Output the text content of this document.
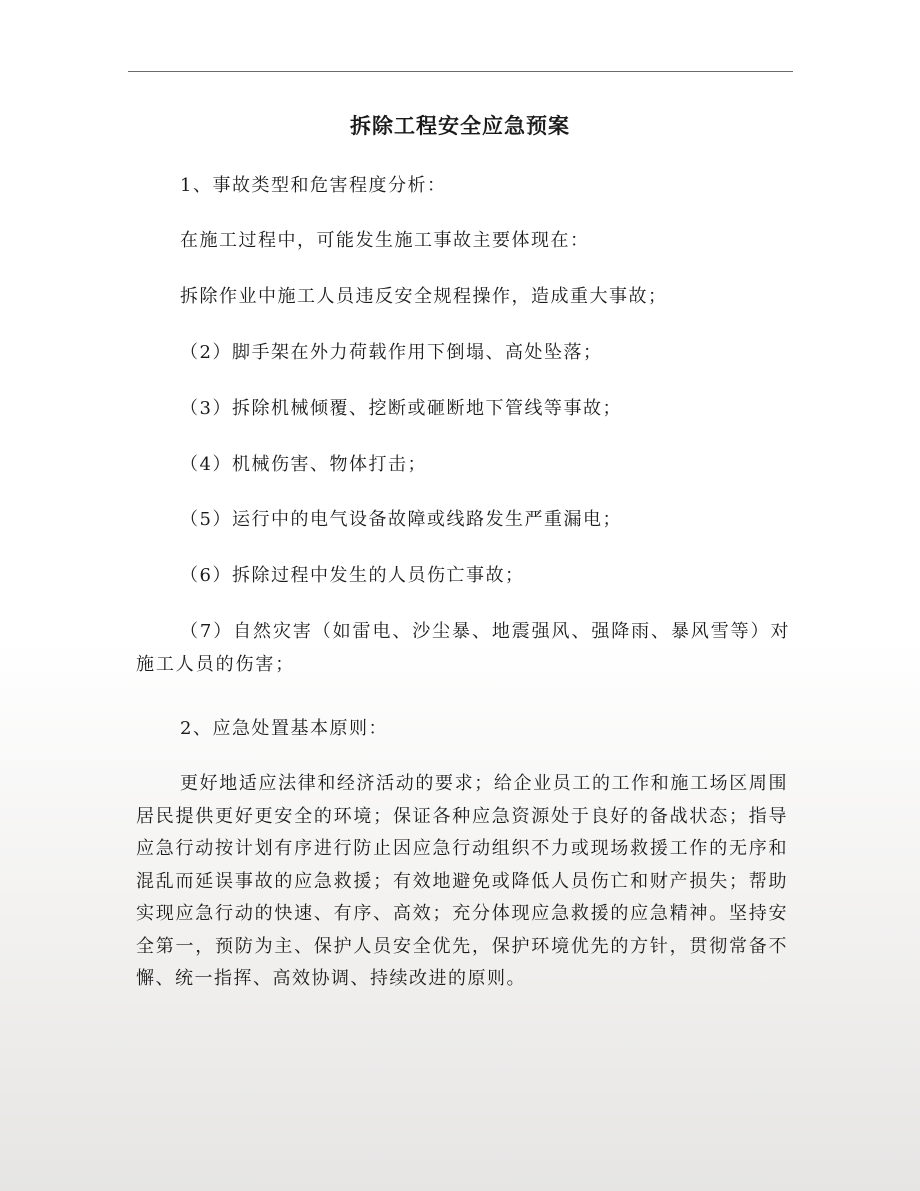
拆除工程安全应急预案

1、事故类型和危害程度分析：

在施工过程中，可能发生施工事故主要体现在：

拆除作业中施工人员违反安全规程操作，造成重大事故；

（2）脚手架在外力荷载作用下倒塌、高处坠落；

（3）拆除机械倾覆、挖断或砸断地下管线等事故；

（4）机械伤害、物体打击；

（5）运行中的电气设备故障或线路发生严重漏电；

（6）拆除过程中发生的人员伤亡事故；

（7）自然灾害（如雷电、沙尘暴、地震强风、强降雨、暴风雪等）对施工人员的伤害；

2、应急处置基本原则：

更好地适应法律和经济活动的要求；给企业员工的工作和施工场区周围居民提供更好更安全的环境；保证各种应急资源处于良好的备战状态；指导应急行动按计划有序进行防止因应急行动组织不力或现场救援工作的无序和混乱而延误事故的应急救援；有效地避免或降低人员伤亡和财产损失；帮助实现应急行动的快速、有序、高效；充分体现应急救援的应急精神。坚持安全第一，预防为主、保护人员安全优先，保护环境优先的方针，贯彻常备不懈、统一指挥、高效协调、持续改进的原则。
